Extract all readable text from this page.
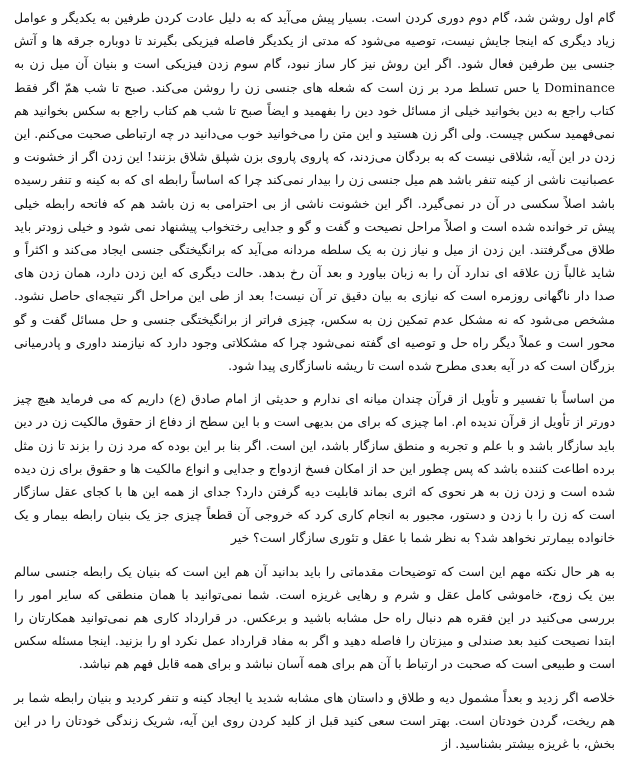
گام اول روشن شد، گام دوم دوری کردن است. بسیار پیش می‌آید که به دلیل عادت کردن طرفین به یکدیگر و عوامل زیاد دیگری که اینجا جایش نیست، توصیه می‌شود که مدتی از یکدیگر فاصله فیزیکی بگیرند تا دوباره جرقه ها و آتش جنسی بین طرفین فعال شود. اگر این روش نیز کار ساز نبود، گام سوم زدن فیزیکی است و بنیان آن میل زن به Dominance یا حس تسلط مرد بر زن است که شعله های جنسی زن را روشن می‌کند. صبح تا شب همّ اگر فقط کتاب راجع به دین بخوانید خیلی از مسائل خود دین را بفهمید و ایضاً صبح تا شب هم کتاب راجع به سکس بخوانید هم نمی‌فهمید سکس چیست. ولی اگر زن هستید و این متن را می‌خوانید خوب می‌دانید در چه ارتباطی صحبت می‌کنم. این زدن در این آیه، شلاقی نیست که به بردگان می‌زدند، که پاروی پاروی بزن شپلق شلاق بزنند! این زدن اگر از خشونت و عصبانیت ناشی از کینه تنفر باشد هم میل جنسی زن را بیدار نمی‌کند چرا که اساساً رابطه ای که به کینه و تنفر رسیده باشد اصلاً سکسی در آن در نمی‌گیرد. اگر این خشونت ناشی از بی احترامی به زن باشد هم که فاتحه رابطه خیلی پیش تر خوانده شده است و اصلاً مراحل نصیحت و گفت و گو و جدایی رختخواب پیشنهاد نمی شود و خیلی زودتر باید طلاق می‌گرفتند. این زدن از میل و نیاز زن به یک سلطه مردانه می‌آید که برانگیختگی جنسی ایجاد می‌کند و اکثراً و شاید غالباً زن علاقه ای ندارد آن را به زبان بیاورد و بعد آن رخ بدهد. حالت دیگری که این زدن دارد، همان زدن های صدا دار ناگهانی روزمره است که نیازی به بیان دقیق تر آن نیست! بعد از طی این مراحل اگر نتیجه‌ای حاصل نشود. مشخص می‌شود که نه مشکل عدم تمکین زن به سکس، چیزی فراتر از برانگیختگی جنسی و حل مسائل گفت و گو محور است و عملاً دیگر راه حل و توصیه ای گفته نمی‌شود چرا که مشکلاتی وجود دارد که نیازمند داوری و پادرمیانی بزرگان است که در آیه بعدی مطرح شده است تا ریشه ناسازگاری پیدا شود.

من اساساً با تفسیر و تأویل از قرآن چندان میانه ای ندارم و حدیثی از امام صادق (ع) داریم که می فرماید هیچ چیز دورتر از تأویل از قرآن ندیده ام. اما چیزی که برای من بدیهی است و با این سطح از دفاع از حقوق مالکیت زن در دین باید سازگار باشد و با علم و تجربه و منطق سازگار باشد، این است. اگر بنا بر این بوده که مرد زن را بزند تا زن مثل برده اطاعت کننده باشد که پس چطور این حد از امکان فسخ ازدواج و جدایی و انواع مالکیت ها و حقوق برای زن دیده شده است و زدن زن به هر نحوی که اثری بماند قابلیت دیه گرفتن دارد؟ جدای از همه این ها با کجای عقل سازگار است که زن را با زدن و دستور، مجبور به انجام کاری کرد که خروجی آن قطعاً چیزی جز یک بنیان رابطه بیمار و یک خانواده بیمارتر نخواهد شد؟ به نظر شما با عقل و تئوری سازگار است؟ خیر

به هر حال نکته مهم این است که توضیحات مقدماتی را باید بدانید آن هم این است که بنیان یک رابطه جنسی سالم بین یک زوج، خاموشی کامل عقل و شرم و رهایی غریزه است. شما نمی‌توانید با همان منطقی که سایر امور را بررسی می‌کنید در این فقره هم دنبال راه حل مشابه باشید و برعکس. در قرارداد کاری هم نمی‌توانید همکارتان را ابتدا نصیحت کنید بعد صندلی و میزتان را فاصله دهید و اگر به مفاد قرارداد عمل نکرد او را بزنید. اینجا مسئله سکس است و طبیعی است که صحبت در ارتباط با آن هم برای همه آسان نباشد و برای همه قابل فهم هم نباشد.

خلاصه اگر زدید و بعداً مشمول دیه و طلاق و داستان های مشابه شدید یا ایجاد کینه و تنفر کردید و بنیان رابطه شما بر هم ریخت، گردن خودتان است. بهتر است سعی کنید قبل از کلید کردن روی این آیه، شریک زندگی خودتان را در این بخش، با غریزه بیشتر بشناسید. از
